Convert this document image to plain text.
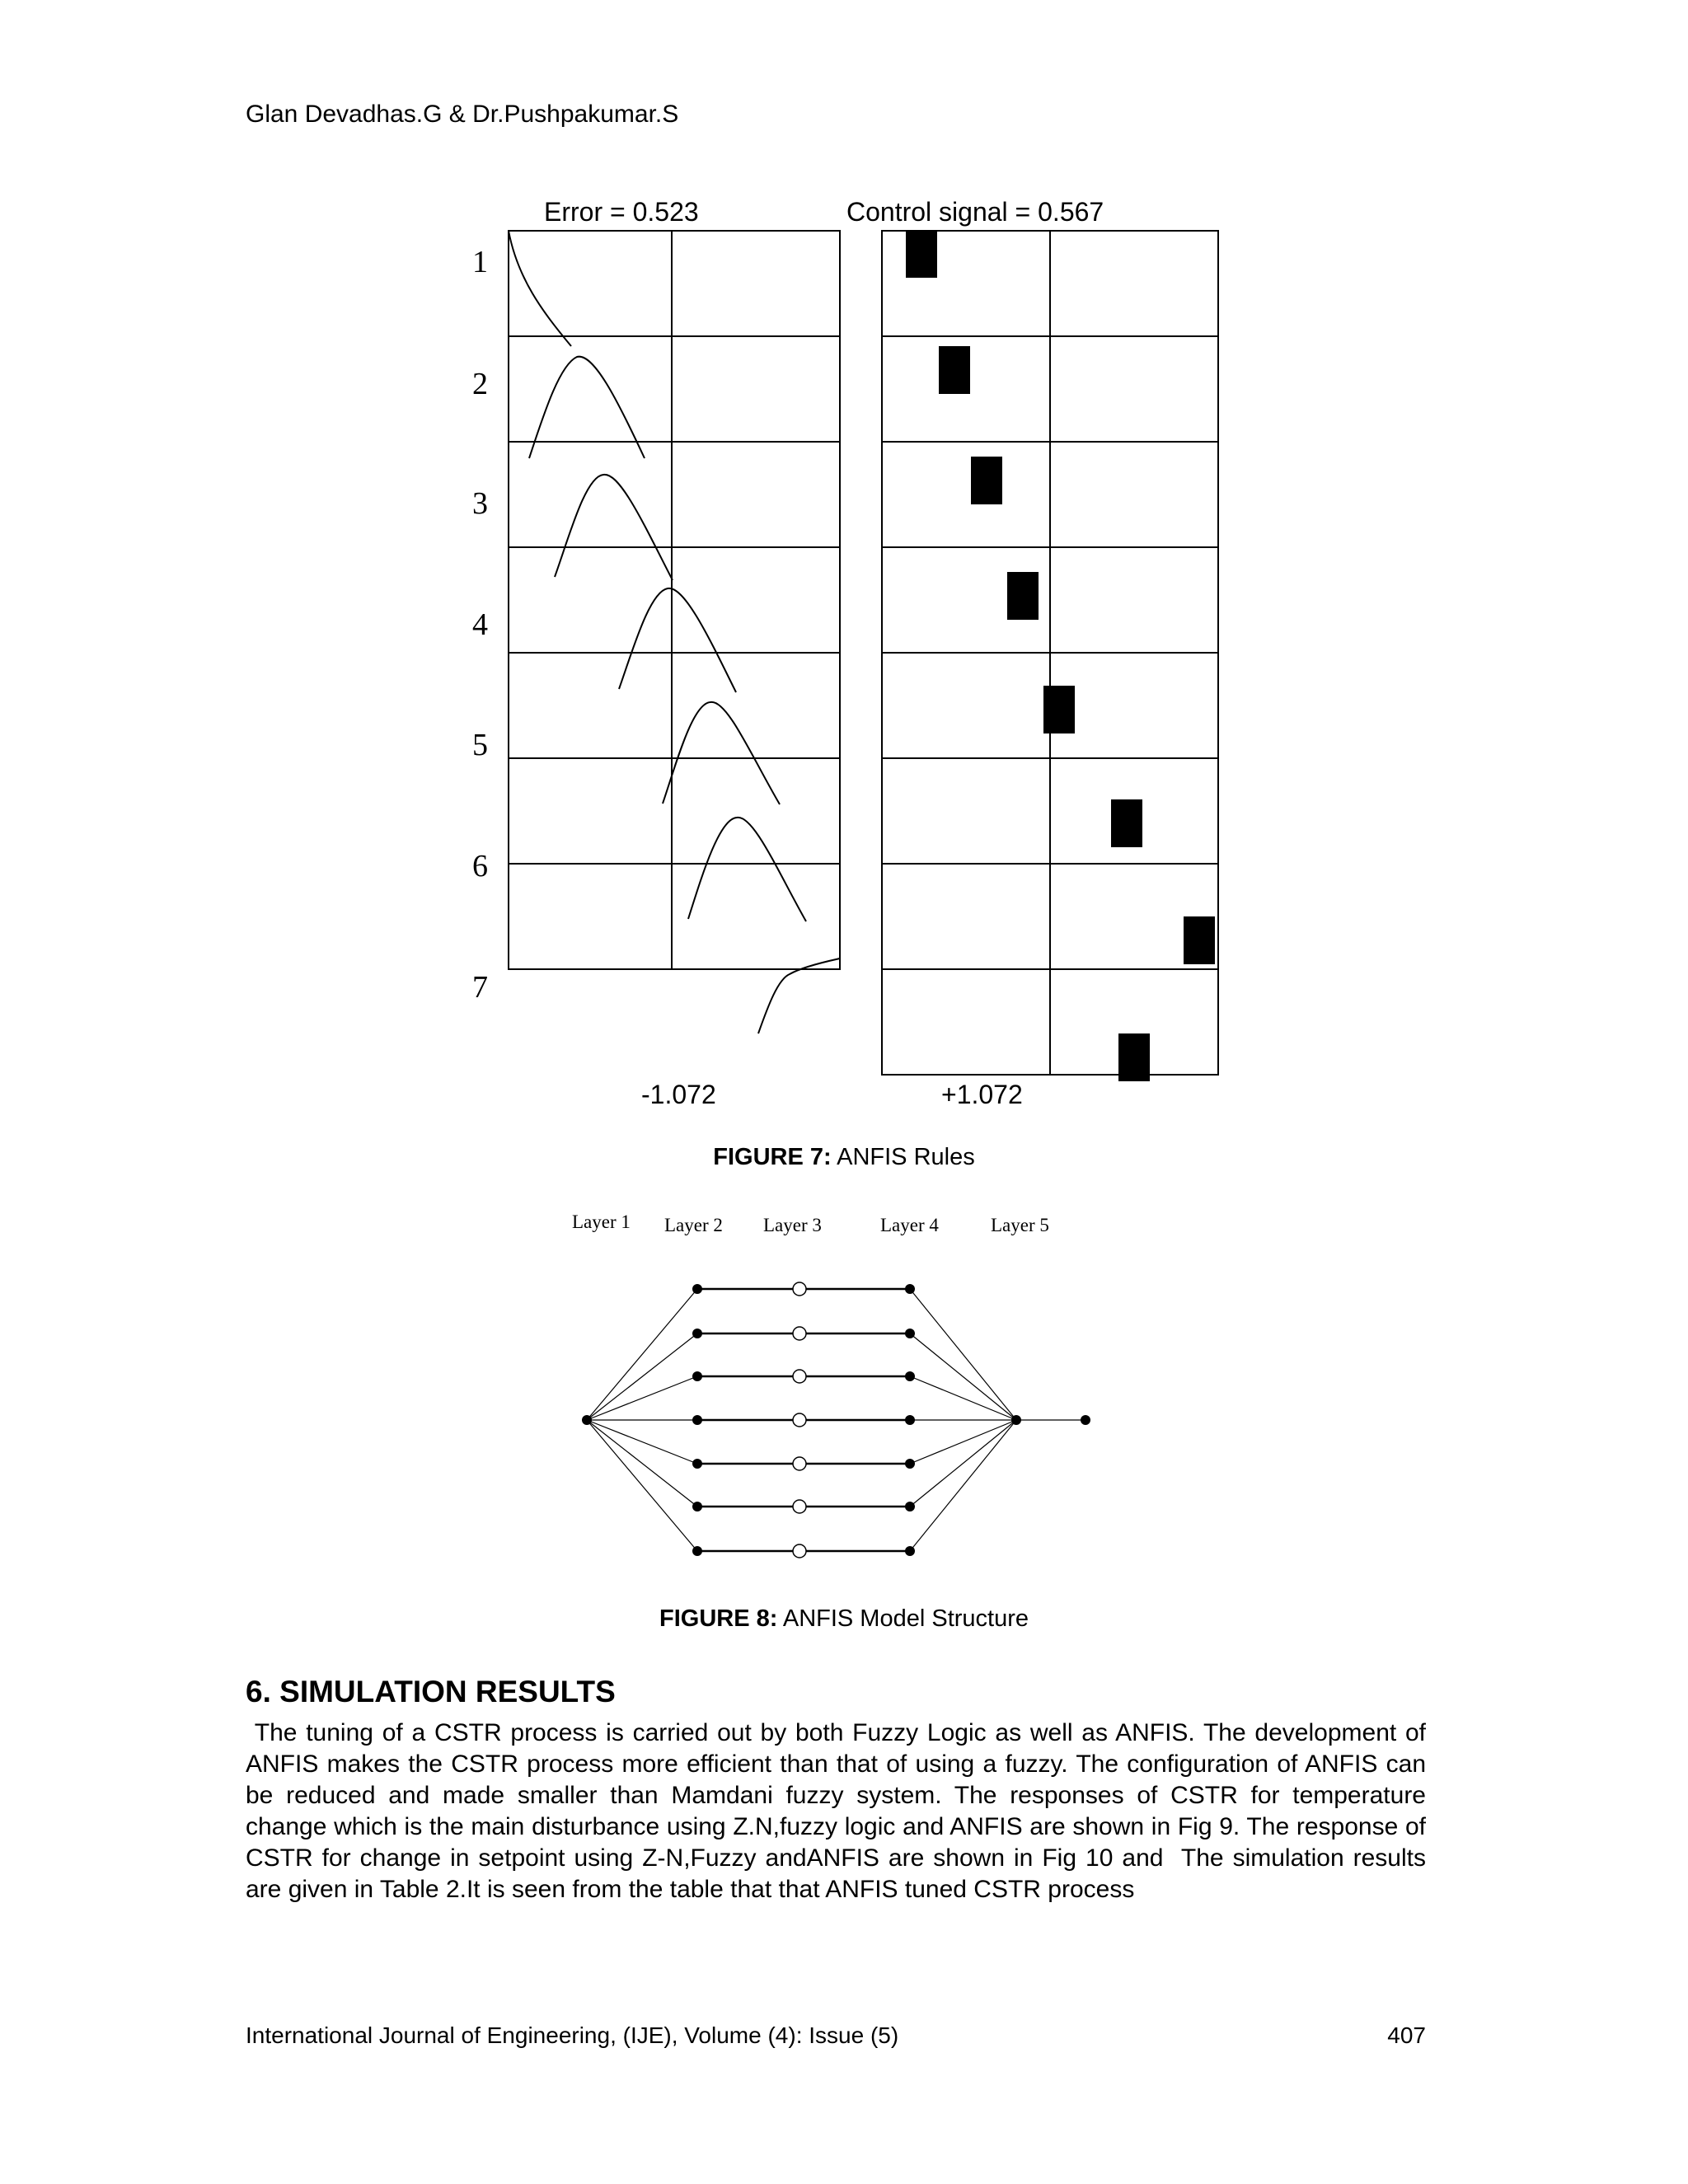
Glan Devadhas.G & Dr.Pushpakumar.S
Error = 0.523	Control signal = 0.567
1
2
3
4
5
6
7
-1.072	+1.072
FIGURE 7: ANFIS Rules
Layer 1 Layer 2 Layer 3	Layer 4	Layer 5
FIGURE 8: ANFIS Model Structure
6. SIMULATION RESULTS

The tuning of a CSTR process is carried out by both Fuzzy Logic as well as ANFIS. The development of ANFIS makes the CSTR process more efficient than that of using a fuzzy. The configuration of ANFIS can be reduced and made smaller than Mamdani fuzzy system. The responses of CSTR for temperature change which is the main disturbance using Z.N,fuzzy logic and ANFIS are shown in Fig 9. The response of CSTR for change in setpoint using Z-N,Fuzzy andANFIS are shown in Fig 10 and  The simulation results are given in Table 2.It is seen from the table that that ANFIS tuned CSTR process

International Journal of Engineering, (IJE), Volume (4): Issue (5)	407
